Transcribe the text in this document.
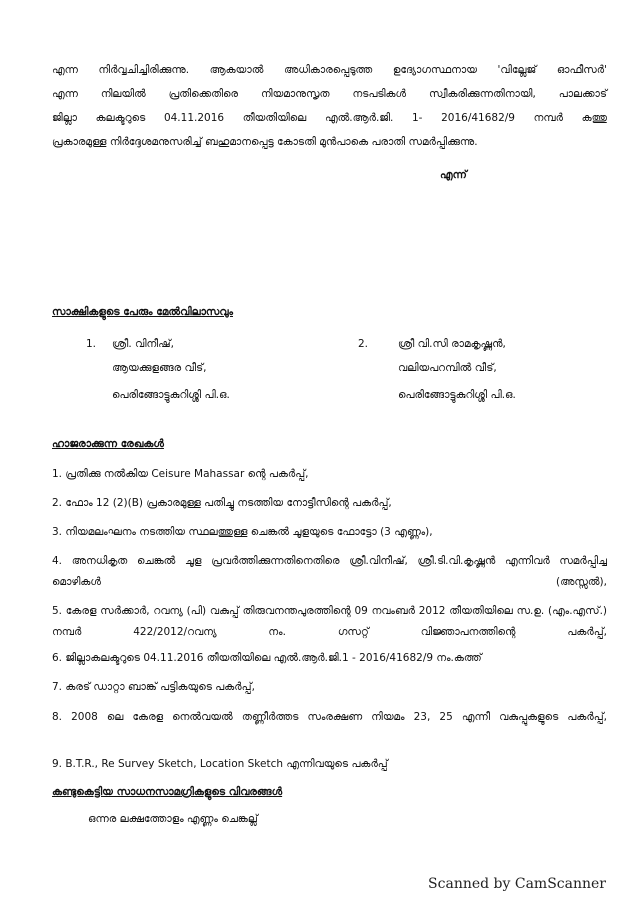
എന്ന നിർവ്വചിച്ചിരിക്കുന്നു. ആകയാൽ അധികാരപ്പെടുത്ത ഉദ്യോഗസ്ഥനായ 'വില്ലേജ് ഓഫീസർ'

എന്ന നിലയിൽ പ്രതിക്കെതിരെ നിയമാനുസൃത നടപടികൾ സ്വീകരിക്കുന്നതിനായി, പാലക്കാട്

ജില്ലാ കലക്ടറുടെ 04.11.2016 തീയതിയിലെ എൽ.ആർ.ജി. 1- 2016/41682/9 നമ്പർ കത്തു

പ്രകാരമുള്ള നിർദ്ദേശമനുസരിച്ച് ബഹുമാനപ്പെട്ട കോടതി മുൻപാകെ പരാതി സമർപ്പിക്കുന്നു.

എന്ന്
സാക്ഷികളുടെ പേരും മേൽവിലാസവും
1. ശ്രീ. വിനീഷ്,
ആയക്കുളങ്ങര വീട്,
പെരിങ്ങോട്ടുകുറിശ്ശി പി.ഒ.
2.	ശ്രീ വി.സി രാമകൃഷ്ണൻ,
വലിയപറമ്പിൽ വീട്,
പെരിങ്ങോട്ടുകുറിശ്ശി പി.ഒ.
ഹാജരാക്കുന്ന രേഖകൾ
1. പ്രതിക്കു നൽകിയ Ceisure Mahassar ന്റെ പകർപ്പ്,
2. ഫോം 12 (2)(B) പ്രകാരമുള്ള പതിച്ചു നടത്തിയ നോട്ടീസിന്റെ പകർപ്പ്,
3. നിയമലംഘനം നടത്തിയ സ്ഥലത്തുള്ള ചെങ്കൽ ചൂളയുടെ ഫോട്ടോ (3 എണ്ണം),
4. അനധികൃത ചെങ്കൽ ചൂള പ്രവർത്തിക്കുന്നതിനെതിരെ ശ്രീ.വിനീഷ്, ശ്രീ.ടി.വി.കൃഷ്ണൻ എന്നിവർ സമർപ്പിച്ച മൊഴികൾ (അസ്സൽ),
5. കേരള സർക്കാർ, റവന്യ (പി) വകുപ്പ് തിരുവനന്തപുരത്തിന്റെ 09 നവംബർ 2012 തീയതിയിലെ സ.ഉ. (എം.എസ്.) നമ്പർ 422/2012/റവന്യ നം. ഗസറ്റ് വിജ്ഞാപനത്തിന്റെ പകർപ്പ്,
6. ജില്ലാകലക്ടറുടെ 04.11.2016 തീയതിയിലെ എൽ.ആർ.ജി.1 - 2016/41682/9 നം.കത്ത്
7. കരട് ഡാറ്റാ ബാങ്ക് പട്ടികയുടെ പകർപ്പ്,
8. 2008 ലെ കേരള നെൽവയൽ തണ്ണീർത്തട സംരക്ഷണ നിയമം 23, 25 എന്നീ വകുപ്പുകളുടെ പകർപ്പ്,
9. B.T.R., Re Survey Sketch, Location Sketch എന്നിവയുടെ പകർപ്പ്
കണ്ടുകെട്ടിയ സാധനസാമഗ്രികളുടെ വിവരങ്ങൾ
ഒന്നര ലക്ഷത്തോളം എണ്ണം ചെങ്കല്ല്
Scanned by CamScanner
